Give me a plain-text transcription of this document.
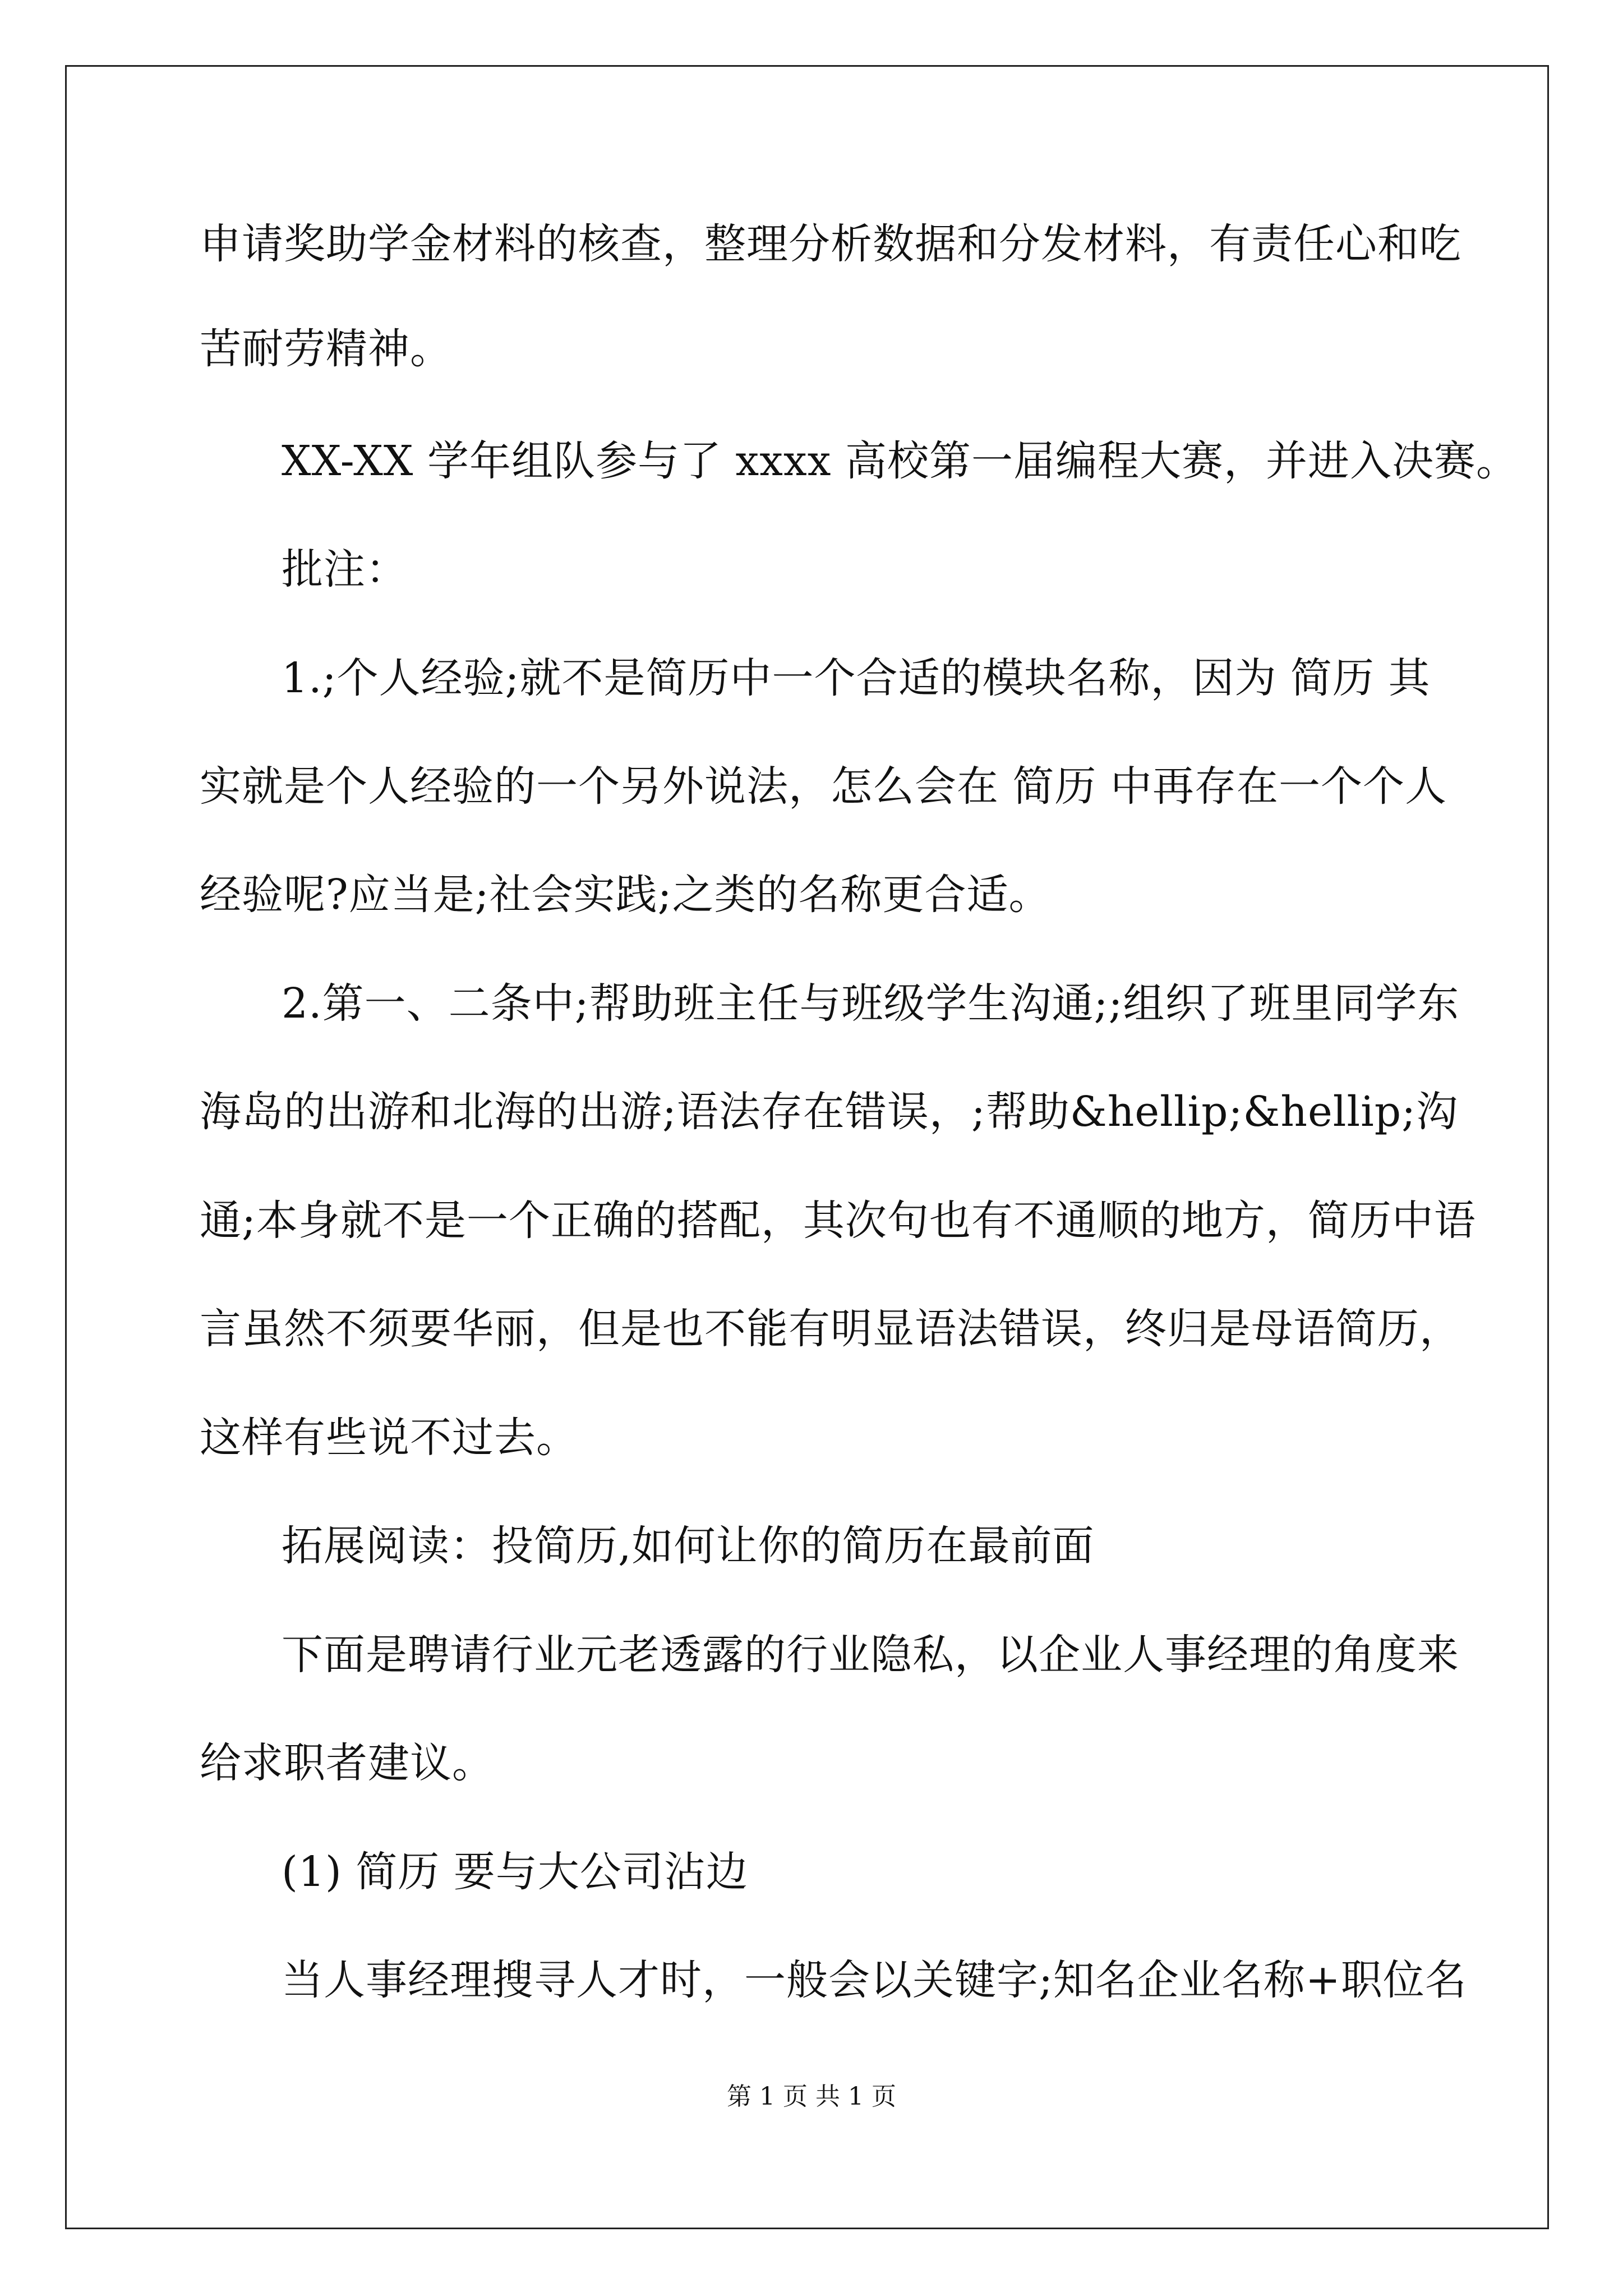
申请奖助学金材料的核查，整理分析数据和分发材料，有责任心和吃
苦耐劳精神。
XX-XX 学年组队参与了 xxxx 高校第一届编程大赛，并进入决赛。
批注：
1.;个人经验;就不是简历中一个合适的模块名称，因为 简历 其
实就是个人经验的一个另外说法，怎么会在 简历 中再存在一个个人
经验呢?应当是;社会实践;之类的名称更合适。
2.第一、二条中;帮助班主任与班级学生沟通;;组织了班里同学东
海岛的出游和北海的出游;语法存在错误，;帮助&hellip;&hellip;沟
通;本身就不是一个正确的搭配，其次句也有不通顺的地方，简历中语
言虽然不须要华丽，但是也不能有明显语法错误，终归是母语简历，
这样有些说不过去。
拓展阅读：投简历,如何让你的简历在最前面
下面是聘请行业元老透露的行业隐私，以企业人事经理的角度来
给求职者建议。
(1) 简历 要与大公司沾边
当人事经理搜寻人才时，一般会以关键字;知名企业名称+职位名
第 1 页 共 1 页
